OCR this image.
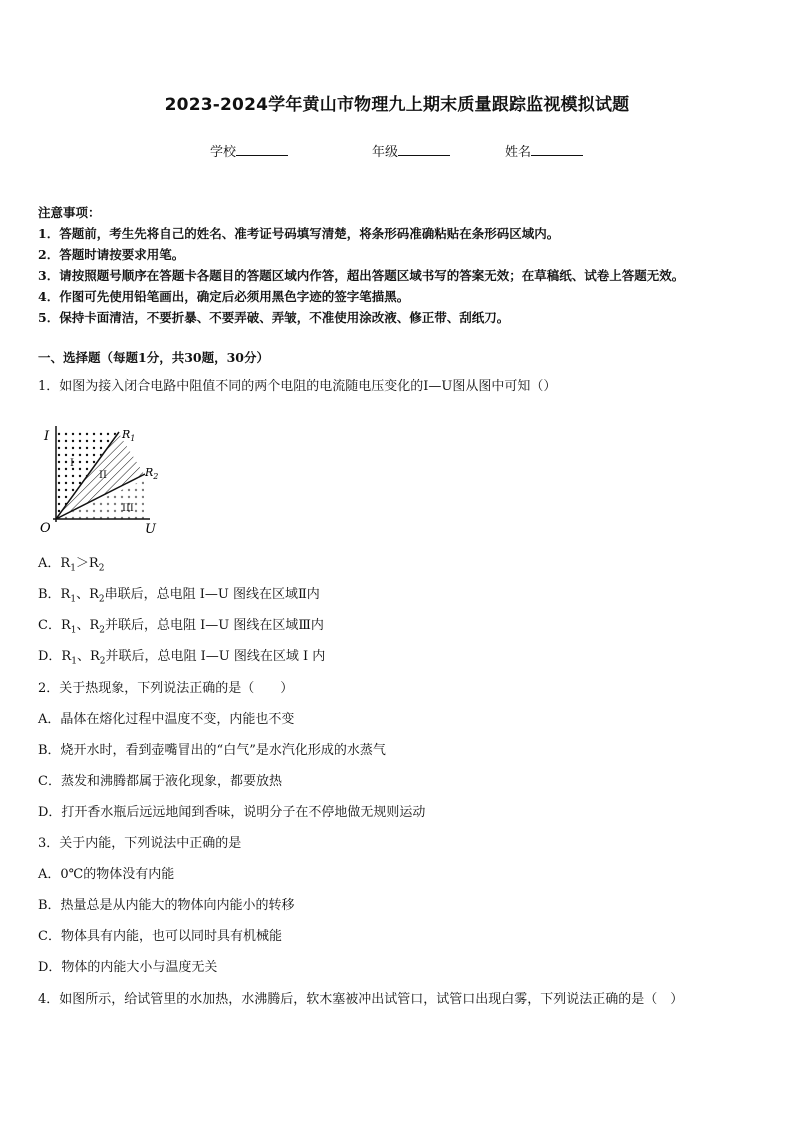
2023-2024学年黄山市物理九上期末质量跟踪监视模拟试题
学校	年级	姓名
注意事项：
1．答题前，考生先将自己的姓名、准考证号码填写清楚，将条形码准确粘贴在条形码区域内。
2．答题时请按要求用笔。
3．请按照题号顺序在答题卡各题目的答题区域内作答，超出答题区域书写的答案无效；在草稿纸、试卷上答题无效。
4．作图可先使用铅笔画出，确定后必须用黑色字迹的签字笔描黑。
5．保持卡面清洁，不要折暴、不要弄破、弄皱，不准使用涂改液、修正带、刮纸刀。
一、选择题（每题1分，共30题，30分）
1．如图为接入闭合电路中阻值不同的两个电阻的电流随电压变化的I—U图从图中可知（）
I
U
O
$R_1$
$R_2$
I
II
III
A．$R_1>R_2$
B．$R_1$、$R_2$串联后，总电阻 I—U 图线在区域Ⅱ内
C．$R_1$、$R_2$并联后，总电阻 I—U 图线在区域Ⅲ内
D．$R_1$、$R_2$并联后，总电阻 I—U 图线在区域 I 内
2．关于热现象，下列说法正确的是（　　）
A．晶体在熔化过程中温度不变，内能也不变
B．烧开水时，看到壶嘴冒出的“白气”是水汽化形成的水蒸气
C．蒸发和沸腾都属于液化现象，都要放热
D．打开香水瓶后远远地闻到香味，说明分子在不停地做无规则运动
3．关于内能，下列说法中正确的是
A．0℃的物体没有内能
B．热量总是从内能大的物体向内能小的转移
C．物体具有内能，也可以同时具有机械能
D．物体的内能大小与温度无关
4．如图所示，给试管里的水加热，水沸腾后，软木塞被冲出试管口，试管口出现白雾，下列说法正确的是（　）
